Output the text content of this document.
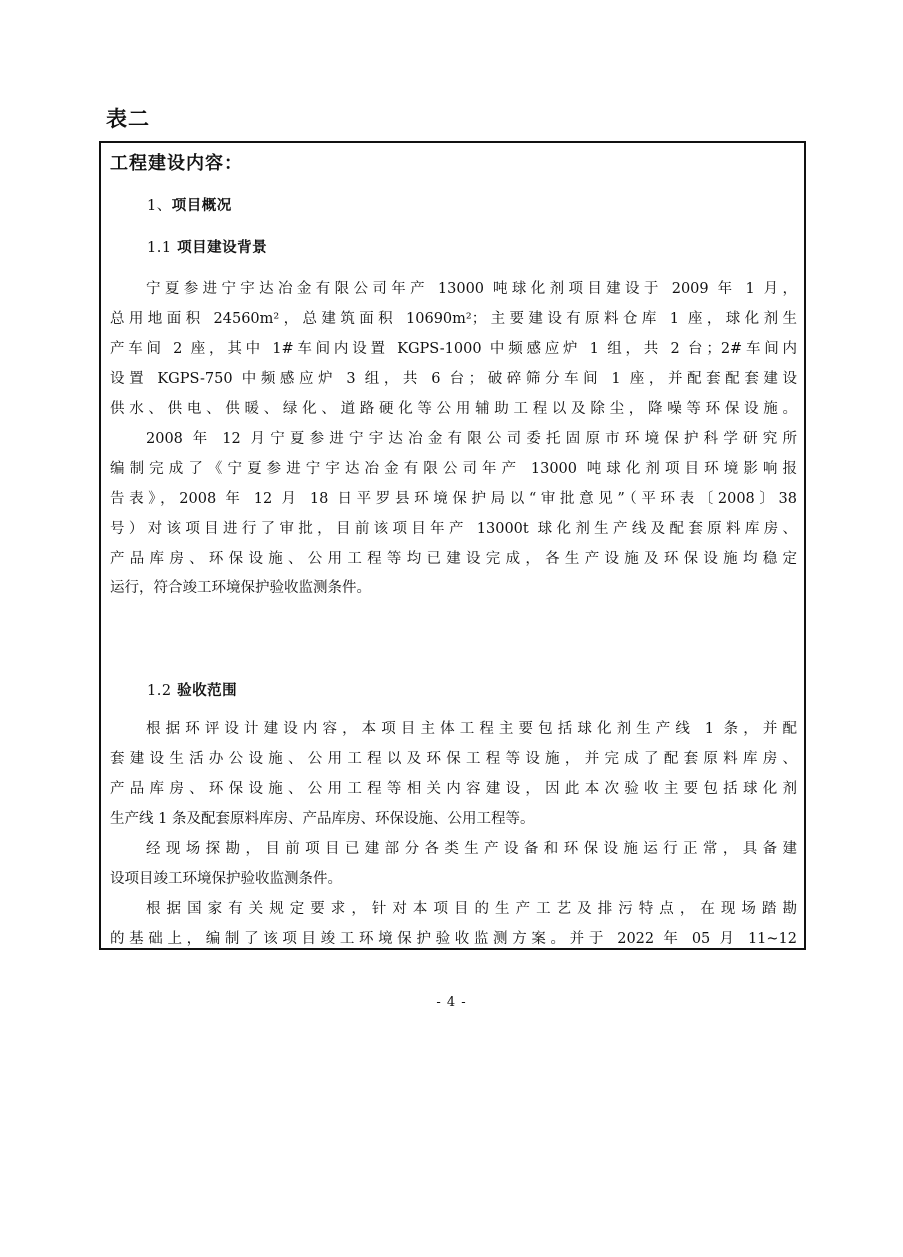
表二
工程建设内容：
1、项目概况
1.1 项目建设背景
宁夏参进宁宇达冶金有限公司年产 13000 吨球化剂项目建设于 2009 年 1 月，
总用地面积 24560m²，总建筑面积 10690m²；主要建设有原料仓库 1 座，球化剂生
产车间 2 座，其中 1#车间内设置 KGPS-1000 中频感应炉 1 组，共 2 台；2#车间内
设置 KGPS-750 中频感应炉 3 组，共 6 台；破碎筛分车间 1 座，并配套配套建设
供水、供电、供暖、绿化、道路硬化等公用辅助工程以及除尘，降噪等环保设施。
2008 年 12 月宁夏参进宁宇达冶金有限公司委托固原市环境保护科学研究所
编制完成了《宁夏参进宁宇达冶金有限公司年产 13000 吨球化剂项目环境影响报
告表》，2008 年 12 月 18 日平罗县环境保护局以“审批意见”（平环表〔2008〕38
号）对该项目进行了审批，目前该项目年产 13000t 球化剂生产线及配套原料库房、
产品库房、环保设施、公用工程等均已建设完成，各生产设施及环保设施均稳定
运行，符合竣工环境保护验收监测条件。
1.2 验收范围
根据环评设计建设内容，本项目主体工程主要包括球化剂生产线 1 条，并配
套建设生活办公设施、公用工程以及环保工程等设施，并完成了配套原料库房、
产品库房、环保设施、公用工程等相关内容建设，因此本次验收主要包括球化剂
生产线 1 条及配套原料库房、产品库房、环保设施、公用工程等。
经现场探勘，目前项目已建部分各类生产设备和环保设施运行正常，具备建
设项目竣工环境保护验收监测条件。
根据国家有关规定要求，针对本项目的生产工艺及排污特点，在现场踏勘
的基础上，编制了该项目竣工环境保护验收监测方案。并于 2022 年 05 月 11~12
- 4 -
